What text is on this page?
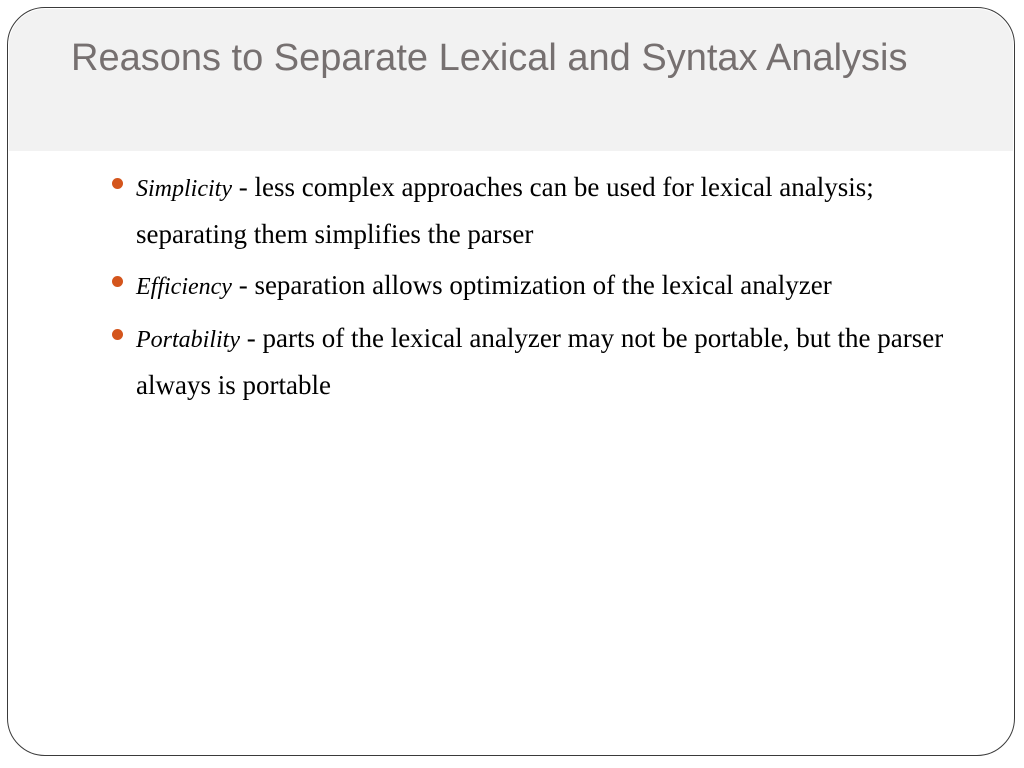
Reasons to Separate Lexical and Syntax Analysis
Simplicity - less complex approaches can be used for lexical analysis; separating them simplifies the parser
Efficiency - separation allows optimization of the lexical analyzer
Portability - parts of the lexical analyzer may not be portable, but the parser always is portable
